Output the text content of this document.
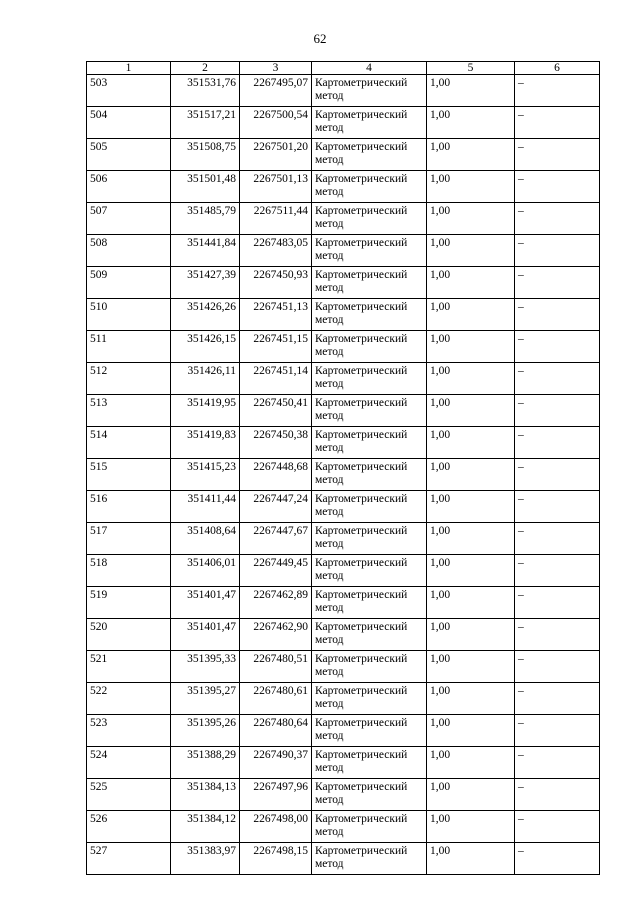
62
1	2	3	4	5	6
503	351531,76	2267495,07	Картометрический метод	1,00	–
504	351517,21	2267500,54	Картометрический метод	1,00	–
505	351508,75	2267501,20	Картометрический метод	1,00	–
506	351501,48	2267501,13	Картометрический метод	1,00	–
507	351485,79	2267511,44	Картометрический метод	1,00	–
508	351441,84	2267483,05	Картометрический метод	1,00	–
509	351427,39	2267450,93	Картометрический метод	1,00	–
510	351426,26	2267451,13	Картометрический метод	1,00	–
511	351426,15	2267451,15	Картометрический метод	1,00	–
512	351426,11	2267451,14	Картометрический метод	1,00	–
513	351419,95	2267450,41	Картометрический метод	1,00	–
514	351419,83	2267450,38	Картометрический метод	1,00	–
515	351415,23	2267448,68	Картометрический метод	1,00	–
516	351411,44	2267447,24	Картометрический метод	1,00	–
517	351408,64	2267447,67	Картометрический метод	1,00	–
518	351406,01	2267449,45	Картометрический метод	1,00	–
519	351401,47	2267462,89	Картометрический метод	1,00	–
520	351401,47	2267462,90	Картометрический метод	1,00	–
521	351395,33	2267480,51	Картометрический метод	1,00	–
522	351395,27	2267480,61	Картометрический метод	1,00	–
523	351395,26	2267480,64	Картометрический метод	1,00	–
524	351388,29	2267490,37	Картометрический метод	1,00	–
525	351384,13	2267497,96	Картометрический метод	1,00	–
526	351384,12	2267498,00	Картометрический метод	1,00	–
527	351383,97	2267498,15	Картометрический метод	1,00	–
